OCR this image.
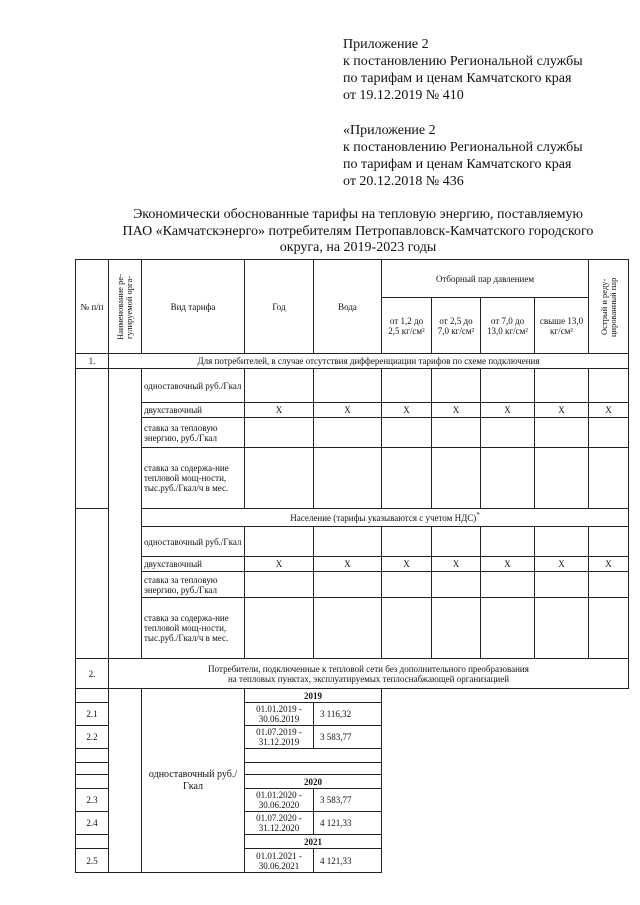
Приложение 2
к постановлению Региональной службы
по тарифам и ценам Камчатского края
от 19.12.2019 № 410
«Приложение 2
к постановлению Региональной службы
по тарифам и ценам Камчатского края
от 20.12.2018 № 436
Экономически обоснованные тарифы на тепловую энергию, поставляемую
ПАО «Камчатскэнерго» потребителям Петропавловск-Камчатского городского
округа, на 2019-2023 годы
№ п/п	Наименование ре-гулируемой орга-	Вид тарифа	Год	Вода	Отборный пар давлением				Острый и реду-цированный пар

					от 1,2 до 2,5 кг/см²	от 2,5 до 7,0 кг/см²	от 7,0 до 13,0 кг/см²	свыше 13,0 кг/см²	
1.	Для потребителей, в случае отсутствия дифференциации тарифов по схеме подключения								
		одноставочный руб./Гкал							
		двухставочный	X	X	X	X	X	X	X
		ставка за тепловую энергию, руб./Гкал							
		ставка за содержа-ние тепловой мощ-ности, тыс.руб./Гкал/ч в мес.							
		Население (тарифы указываются с учетом НДС)*
		одноставочный руб./Гкал							
		двухставочный	X	X	X	X	X	X	X
		ставка за тепловую энергию, руб./Гкал							
		ставка за содержа-ние тепловой мощ-ности, тыс.руб./Гкал/ч в мес.							
2.	Потребители, подключенные к тепловой сети без дополнительного преобразования
на тепловых пунктах, эксплуатируемых теплоснабжающей организацией								

		одноставочный руб./Гкал	2019						
2.1			01.01.2019 - 30.06.2019	3 116,32					
2.2			01.07.2019 - 31.12.2019	3 583,77					

			2020						
2.3			01.01.2020 - 30.06.2020	3 583,77					
2.4			01.07.2020 - 31.12.2020	4 121,33					
			2021						
2.5			01.01.2021 - 30.06.2021	4 121,33					
